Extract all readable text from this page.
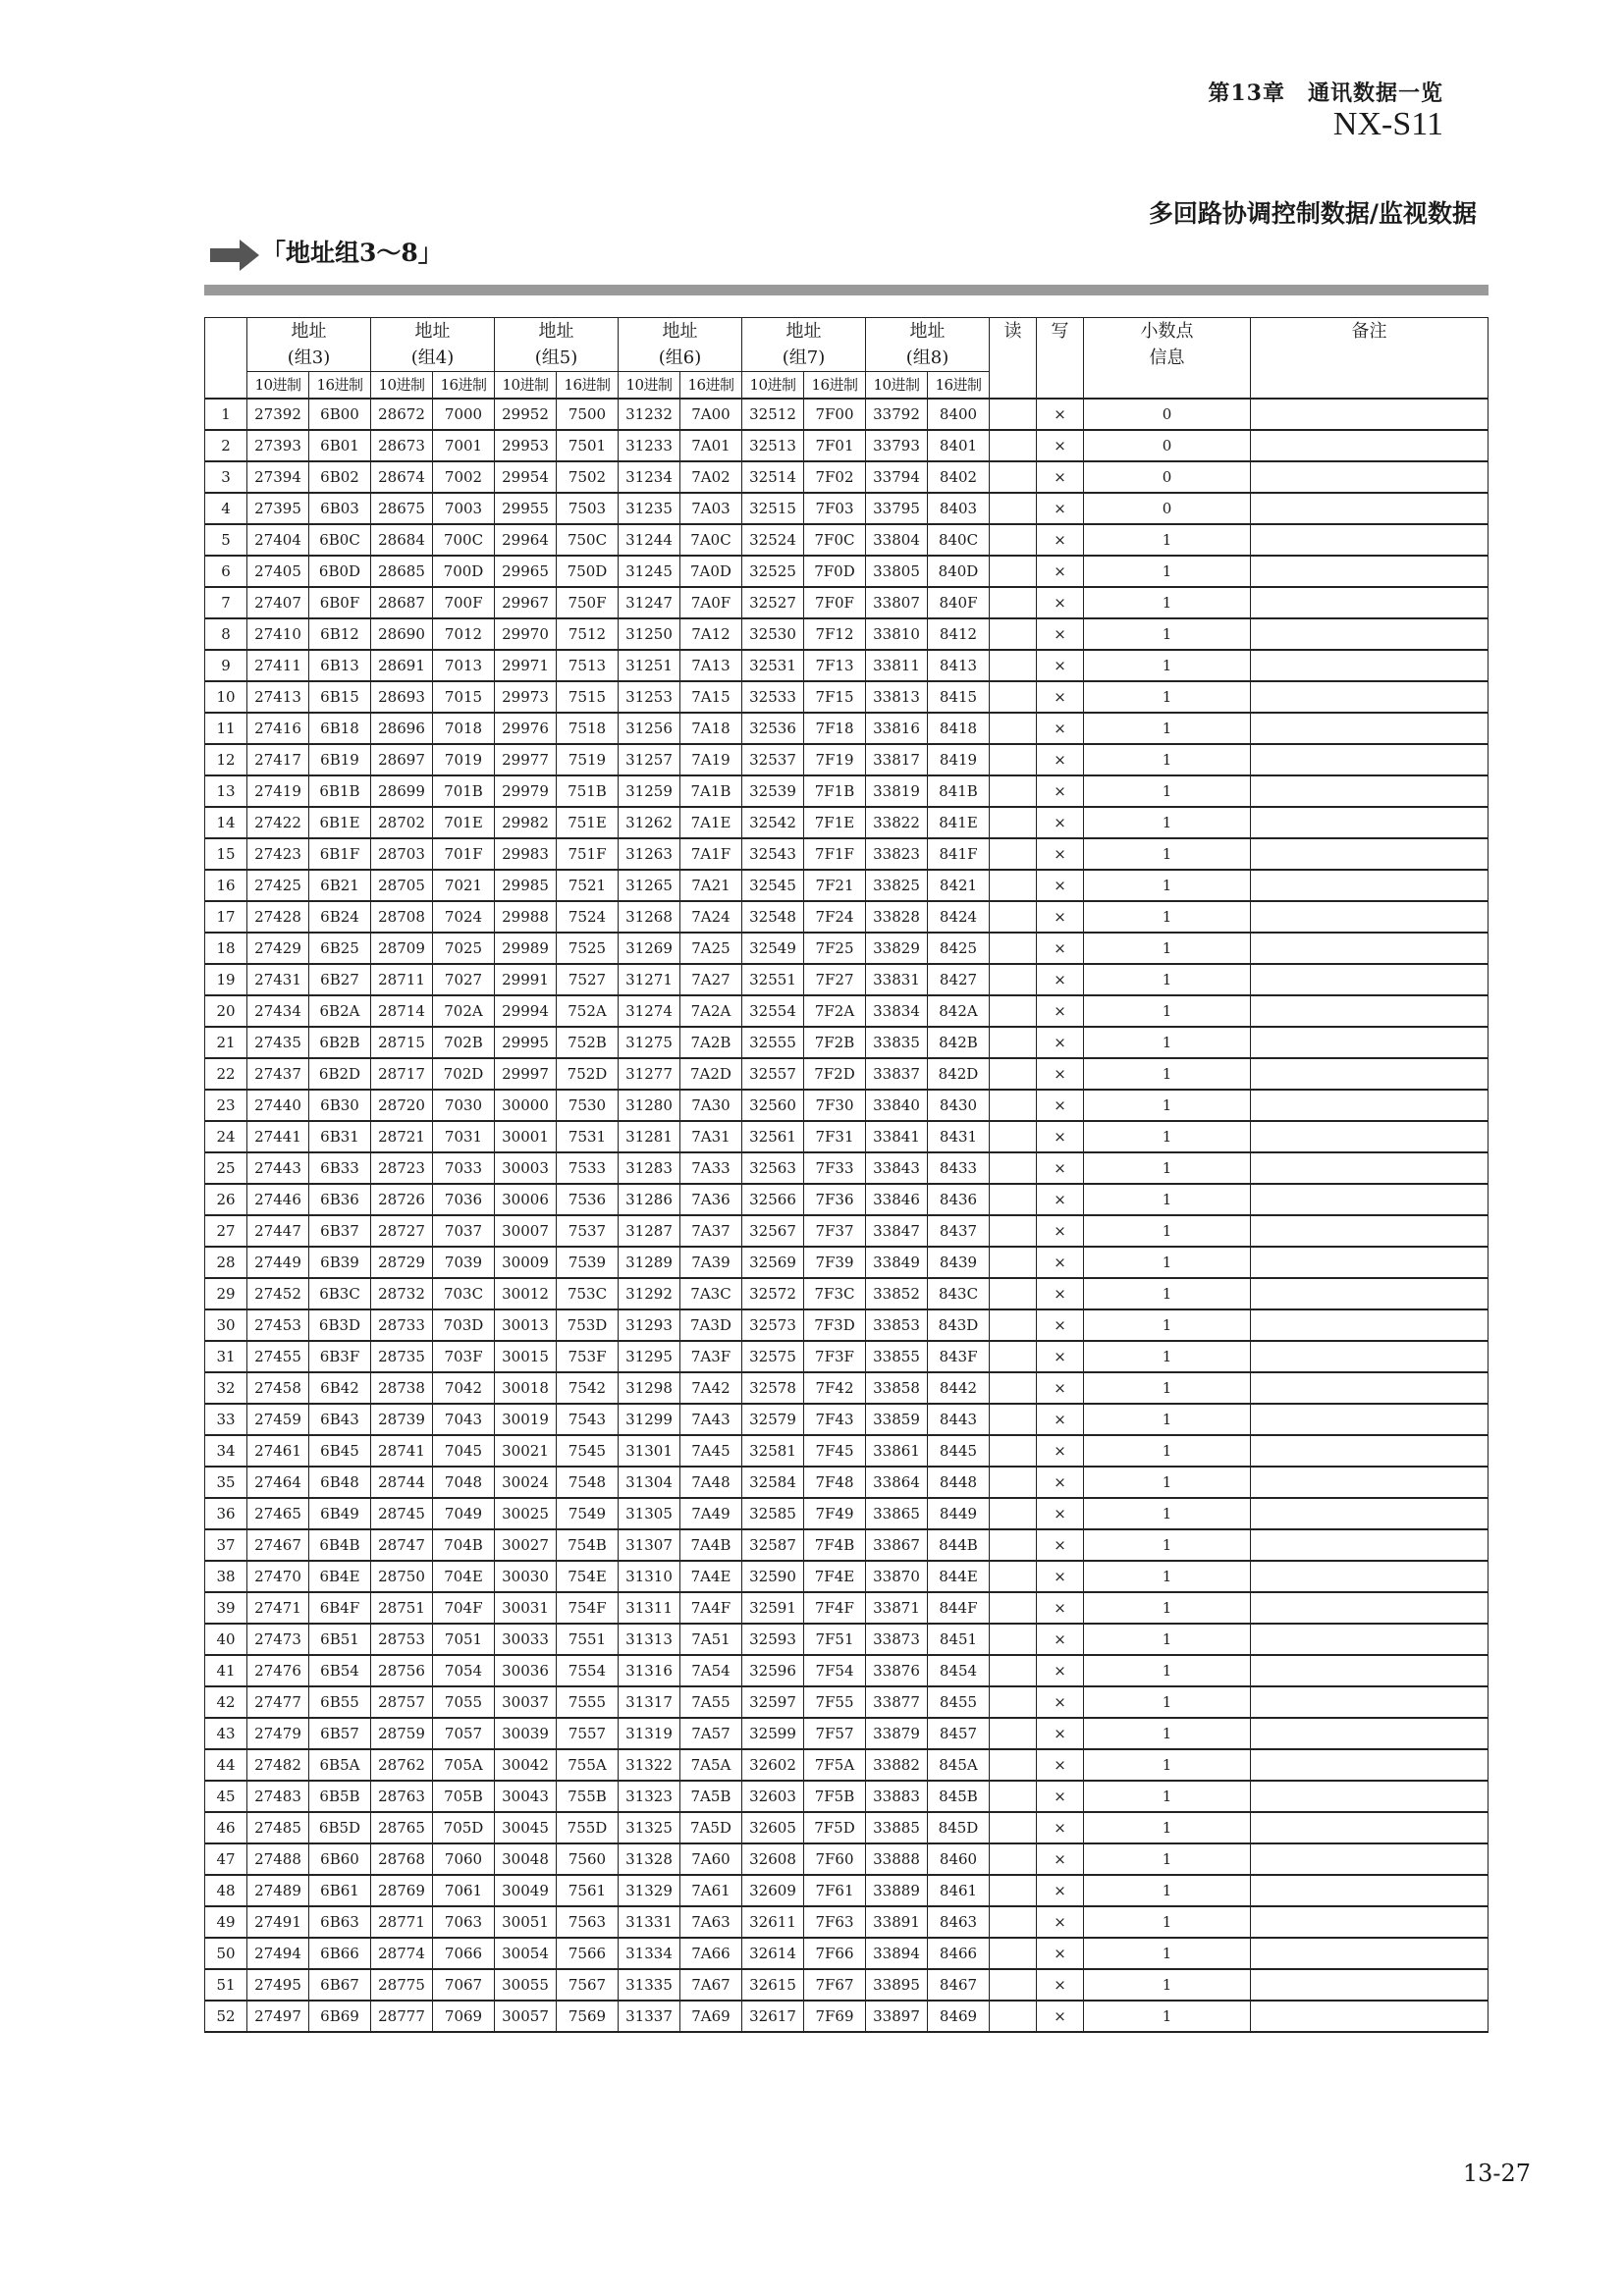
第13章　通讯数据一览
NX-S11
多回路协调控制数据/监视数据
「地址组3～8」
	地址
(组3)		地址
(组4)		地址
(组5)		地址
(组6)		地址
(组7)		地址
(组8)		读	写	小数点
信息	备注

	10进制	16进制	10进制	16进制	10进制	16进制	10进制	16进制	10进制	16进制	10进制	16进制				
1	27392	6B00	28672	7000	29952	7500	31232	7A00	32512	7F00	33792	8400		×	0	
2	27393	6B01	28673	7001	29953	7501	31233	7A01	32513	7F01	33793	8401		×	0	
3	27394	6B02	28674	7002	29954	7502	31234	7A02	32514	7F02	33794	8402		×	0	
4	27395	6B03	28675	7003	29955	7503	31235	7A03	32515	7F03	33795	8403		×	0	
5	27404	6B0C	28684	700C	29964	750C	31244	7A0C	32524	7F0C	33804	840C		×	1	
6	27405	6B0D	28685	700D	29965	750D	31245	7A0D	32525	7F0D	33805	840D		×	1	
7	27407	6B0F	28687	700F	29967	750F	31247	7A0F	32527	7F0F	33807	840F		×	1	
8	27410	6B12	28690	7012	29970	7512	31250	7A12	32530	7F12	33810	8412		×	1	
9	27411	6B13	28691	7013	29971	7513	31251	7A13	32531	7F13	33811	8413		×	1	
10	27413	6B15	28693	7015	29973	7515	31253	7A15	32533	7F15	33813	8415		×	1	
11	27416	6B18	28696	7018	29976	7518	31256	7A18	32536	7F18	33816	8418		×	1	
12	27417	6B19	28697	7019	29977	7519	31257	7A19	32537	7F19	33817	8419		×	1	
13	27419	6B1B	28699	701B	29979	751B	31259	7A1B	32539	7F1B	33819	841B		×	1	
14	27422	6B1E	28702	701E	29982	751E	31262	7A1E	32542	7F1E	33822	841E		×	1	
15	27423	6B1F	28703	701F	29983	751F	31263	7A1F	32543	7F1F	33823	841F		×	1	
16	27425	6B21	28705	7021	29985	7521	31265	7A21	32545	7F21	33825	8421		×	1	
17	27428	6B24	28708	7024	29988	7524	31268	7A24	32548	7F24	33828	8424		×	1	
18	27429	6B25	28709	7025	29989	7525	31269	7A25	32549	7F25	33829	8425		×	1	
19	27431	6B27	28711	7027	29991	7527	31271	7A27	32551	7F27	33831	8427		×	1	
20	27434	6B2A	28714	702A	29994	752A	31274	7A2A	32554	7F2A	33834	842A		×	1	
21	27435	6B2B	28715	702B	29995	752B	31275	7A2B	32555	7F2B	33835	842B		×	1	
22	27437	6B2D	28717	702D	29997	752D	31277	7A2D	32557	7F2D	33837	842D		×	1	
23	27440	6B30	28720	7030	30000	7530	31280	7A30	32560	7F30	33840	8430		×	1	
24	27441	6B31	28721	7031	30001	7531	31281	7A31	32561	7F31	33841	8431		×	1	
25	27443	6B33	28723	7033	30003	7533	31283	7A33	32563	7F33	33843	8433		×	1	
26	27446	6B36	28726	7036	30006	7536	31286	7A36	32566	7F36	33846	8436		×	1	
27	27447	6B37	28727	7037	30007	7537	31287	7A37	32567	7F37	33847	8437		×	1	
28	27449	6B39	28729	7039	30009	7539	31289	7A39	32569	7F39	33849	8439		×	1	
29	27452	6B3C	28732	703C	30012	753C	31292	7A3C	32572	7F3C	33852	843C		×	1	
30	27453	6B3D	28733	703D	30013	753D	31293	7A3D	32573	7F3D	33853	843D		×	1	
31	27455	6B3F	28735	703F	30015	753F	31295	7A3F	32575	7F3F	33855	843F		×	1	
32	27458	6B42	28738	7042	30018	7542	31298	7A42	32578	7F42	33858	8442		×	1	
33	27459	6B43	28739	7043	30019	7543	31299	7A43	32579	7F43	33859	8443		×	1	
34	27461	6B45	28741	7045	30021	7545	31301	7A45	32581	7F45	33861	8445		×	1	
35	27464	6B48	28744	7048	30024	7548	31304	7A48	32584	7F48	33864	8448		×	1	
36	27465	6B49	28745	7049	30025	7549	31305	7A49	32585	7F49	33865	8449		×	1	
37	27467	6B4B	28747	704B	30027	754B	31307	7A4B	32587	7F4B	33867	844B		×	1	
38	27470	6B4E	28750	704E	30030	754E	31310	7A4E	32590	7F4E	33870	844E		×	1	
39	27471	6B4F	28751	704F	30031	754F	31311	7A4F	32591	7F4F	33871	844F		×	1	
40	27473	6B51	28753	7051	30033	7551	31313	7A51	32593	7F51	33873	8451		×	1	
41	27476	6B54	28756	7054	30036	7554	31316	7A54	32596	7F54	33876	8454		×	1	
42	27477	6B55	28757	7055	30037	7555	31317	7A55	32597	7F55	33877	8455		×	1	
43	27479	6B57	28759	7057	30039	7557	31319	7A57	32599	7F57	33879	8457		×	1	
44	27482	6B5A	28762	705A	30042	755A	31322	7A5A	32602	7F5A	33882	845A		×	1	
45	27483	6B5B	28763	705B	30043	755B	31323	7A5B	32603	7F5B	33883	845B		×	1	
46	27485	6B5D	28765	705D	30045	755D	31325	7A5D	32605	7F5D	33885	845D		×	1	
47	27488	6B60	28768	7060	30048	7560	31328	7A60	32608	7F60	33888	8460		×	1	
48	27489	6B61	28769	7061	30049	7561	31329	7A61	32609	7F61	33889	8461		×	1	
49	27491	6B63	28771	7063	30051	7563	31331	7A63	32611	7F63	33891	8463		×	1	
50	27494	6B66	28774	7066	30054	7566	31334	7A66	32614	7F66	33894	8466		×	1	
51	27495	6B67	28775	7067	30055	7567	31335	7A67	32615	7F67	33895	8467		×	1	
52	27497	6B69	28777	7069	30057	7569	31337	7A69	32617	7F69	33897	8469		×	1	
13-27
